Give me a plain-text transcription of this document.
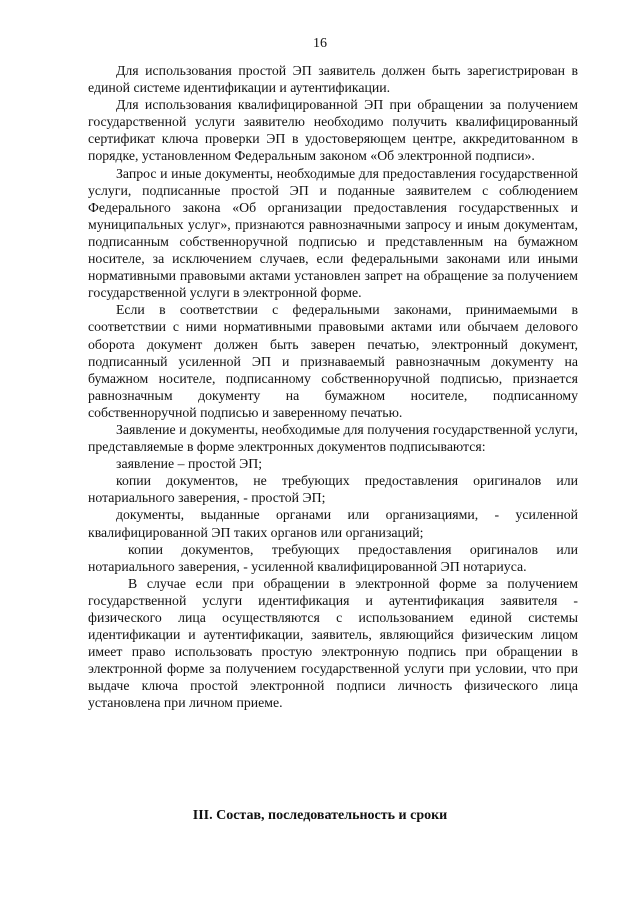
16

Для использования простой ЭП заявитель должен быть зарегистрирован в единой системе идентификации и аутентификации.

Для использования квалифицированной ЭП при обращении за получением государственной услуги заявителю необходимо получить квалифицированный сертификат ключа проверки ЭП в удостоверяющем центре, аккредитованном в порядке, установленном Федеральным законом «Об электронной подписи».

Запрос и иные документы, необходимые для предоставления государственной услуги, подписанные простой ЭП и поданные заявителем с соблюдением Федерального закона «Об организации предоставления государственных и муниципальных услуг», признаются равнозначными запросу и иным документам, подписанным собственноручной подписью и представленным на бумажном носителе, за исключением случаев, если федеральными законами или иными нормативными правовыми актами установлен запрет на обращение за получением государственной услуги в электронной форме.

Если в соответствии с федеральными законами, принимаемыми в соответствии с ними нормативными правовыми актами или обычаем делового оборота документ должен быть заверен печатью, электронный документ, подписанный усиленной ЭП и признаваемый равнозначным документу на бумажном носителе, подписанному собственноручной подписью, признается равнозначным документу на бумажном носителе, подписанному собственноручной подписью и заверенному печатью.

Заявление и документы, необходимые для получения государственной услуги, представляемые в форме электронных документов подписываются:

заявление – простой ЭП;

копии документов, не требующих предоставления оригиналов или нотариального заверения, - простой ЭП;

документы, выданные органами или организациями, - усиленной квалифицированной ЭП таких органов или организаций;

копии документов, требующих предоставления оригиналов или нотариального заверения, - усиленной квалифицированной ЭП нотариуса.

В случае если при обращении в электронной форме за получением государственной услуги идентификация и аутентификация заявителя - физического лица осуществляются с использованием единой системы идентификации и аутентификации, заявитель, являющийся физическим лицом имеет право использовать простую электронную подпись при обращении в электронной форме за получением государственной услуги при условии, что при выдаче ключа простой электронной подписи личность физического лица установлена при личном приеме.

III. Состав, последовательность и сроки
